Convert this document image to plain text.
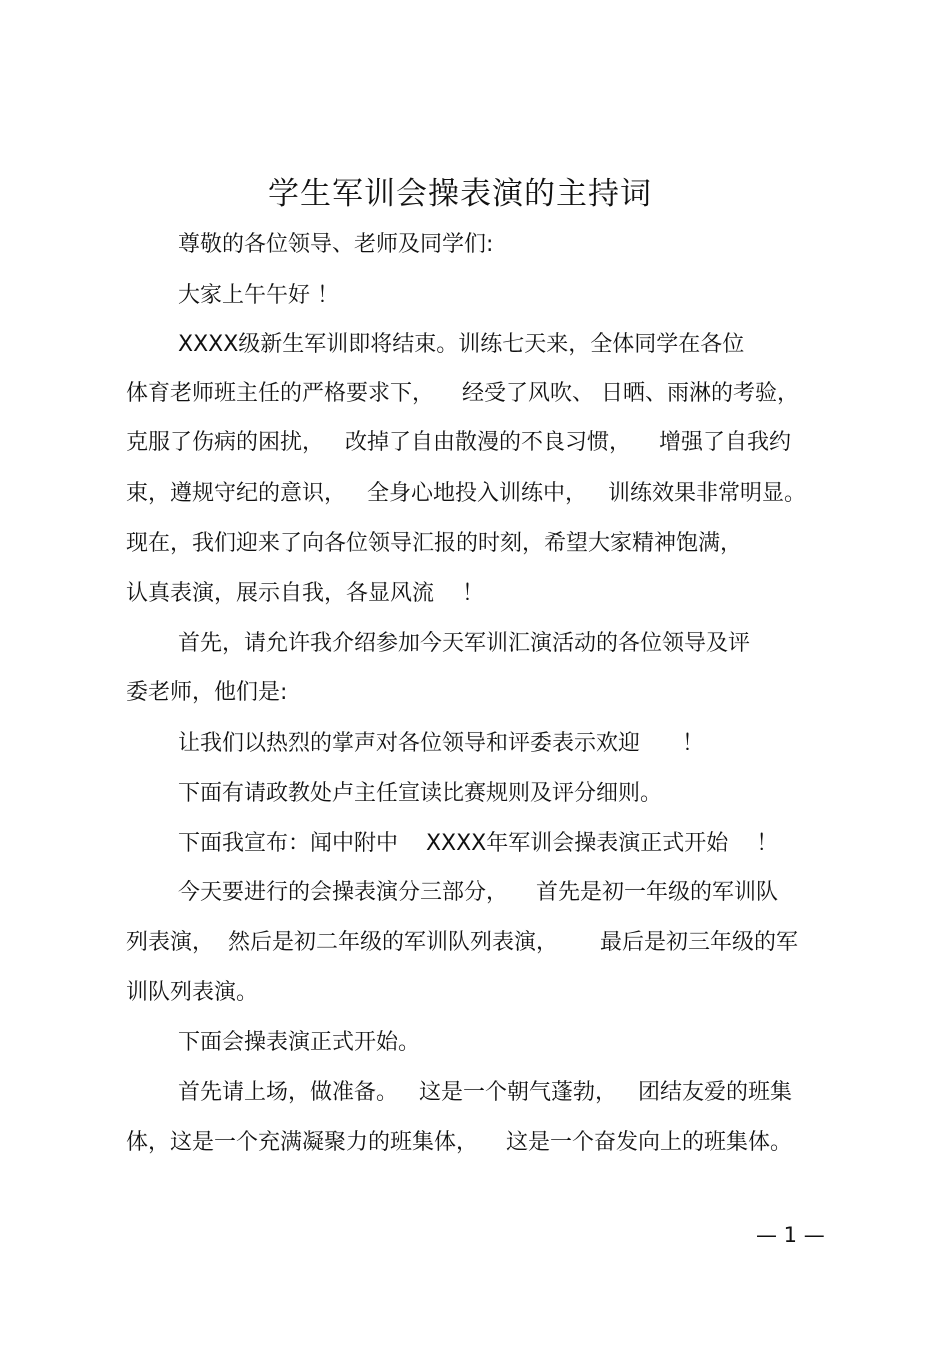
学生军训会操表演的主持词
尊敬的各位领导、老师及同学们:
大家上午午好 ！
XXXX级新生军训即将结束。训练七天来，全体同学在各位
体育老师班主任的严格要求下，    经受了风吹、 日晒、雨淋的考验，
克服了伤病的困扰，   改掉了自由散漫的不良习惯，    增强了自我约
束，遵规守纪的意识，   全身心地投入训练中，   训练效果非常明显。
现在，我们迎来了向各位领导汇报的时刻，希望大家精神饱满，
认真表演，展示自我，各显风流    ！
首先，请允许我介绍参加今天军训汇演活动的各位领导及评
委老师，他们是:
让我们以热烈的掌声对各位领导和评委表示欢迎      ！
下面有请政教处卢主任宣读比赛规则及评分细则。
下面我宣布：闻中附中    XXXX年军训会操表演正式开始    ！
今天要进行的会操表演分三部分，    首先是初一年级的军训队
列表演，  然后是初二年级的军训队列表演，      最后是初三年级的军
训队列表演。
下面会操表演正式开始。
首先请上场，做准备。   这是一个朝气蓬勃，   团结友爱的班集
体，这是一个充满凝聚力的班集体，    这是一个奋发向上的班集体。
— 1 —
